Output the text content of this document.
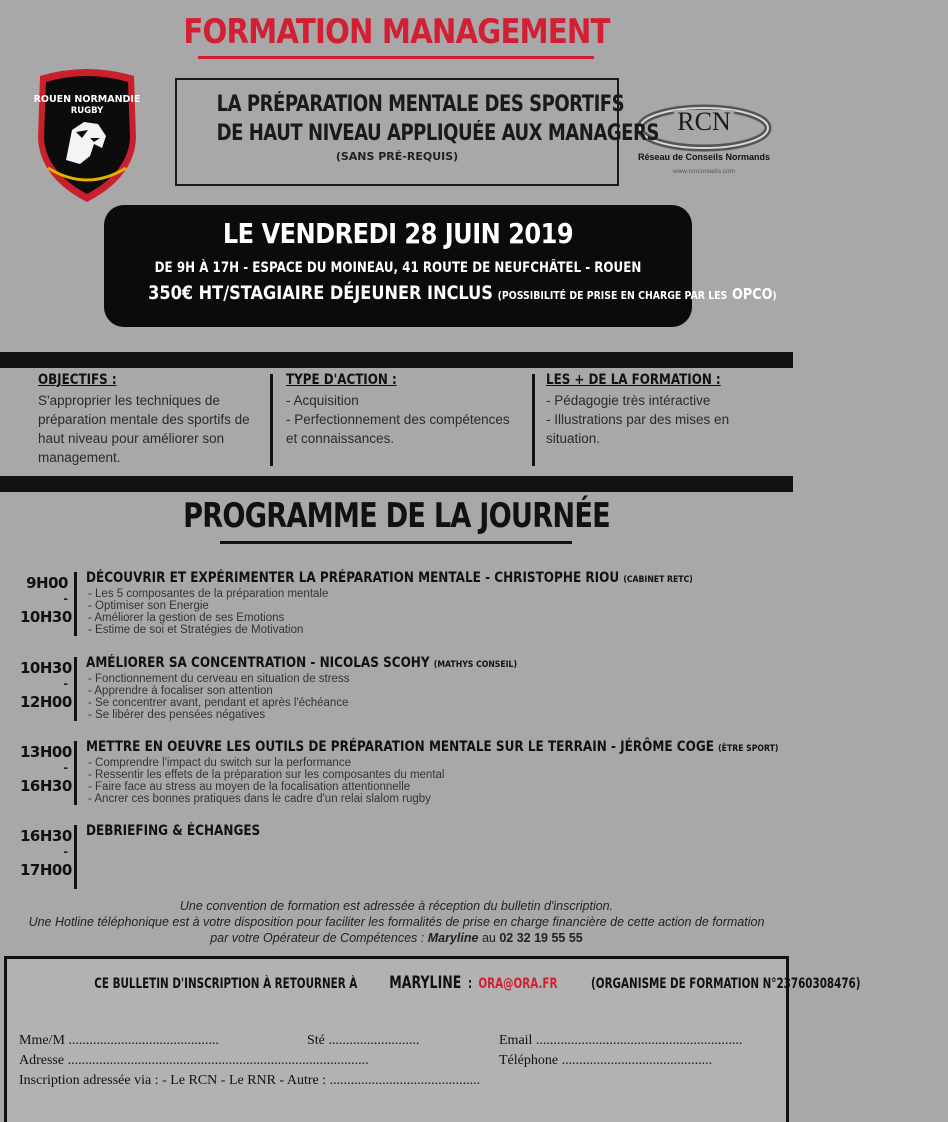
FORMATION MANAGEMENT
ROUEN NORMANDIE
RUGBY	RCN
Réseau de Conseils Normands
www.rcnconseils.com
LA PRÉPARATION MENTALE DES SPORTIFS
DE HAUT NIVEAU APPLIQUÉE AUX MANAGERS
(SANS PRÉ-REQUIS)
LE VENDREDI 28 JUIN 2019
DE 9H À 17H - ESPACE DU MOINEAU, 41 ROUTE DE NEUFCHÂTEL - ROUEN
350€ HT/STAGIAIRE DÉJEUNER INCLUS (POSSIBILITÉ DE PRISE EN CHARGE PAR LES OPCO)
OBJECTIFS :

S'approprier les techniques de préparation mentale des sportifs de haut niveau pour améliorer son management.

TYPE D'ACTION :

- Acquisition

- Perfectionnement des compétences et connaissances.

LES + DE LA FORMATION :

- Pédagogie très intéractive

- Illustrations par des mises en situation.

PROGRAMME DE LA JOURNÉE
9H00
-
10H30
DÉCOUVRIR ET EXPÉRIMENTER LA PRÉPARATION MENTALE - CHRISTOPHE RIOU (CABINET RETC)
- Les 5 composantes de la préparation mentale
- Optimiser son Energie
- Améliorer la gestion de ses Emotions
- Estime de soi et Stratégies de Motivation
10H30
-
12H00
AMÉLIORER SA CONCENTRATION - NICOLAS SCOHY (MATHYS CONSEIL)
- Fonctionnement du cerveau en situation de stress
- Apprendre à focaliser son attention
- Se concentrer avant, pendant et après l'échéance
- Se libérer des pensées négatives
13H00
-
16H30
METTRE EN OEUVRE LES OUTILS DE PRÉPARATION MENTALE SUR LE TERRAIN - JÉRÔME COGE (ÊTRE SPORT)
- Comprendre l'impact du switch sur la performance
- Ressentir les effets de la préparation sur les composantes du mental
- Faire face au stress au moyen de la focalisation attentionnelle
- Ancrer ces bonnes pratiques dans le cadre d'un relai slalom rugby
16H30
-
17H00
DEBRIEFING & ÉCHANGES
Une convention de formation est adressée à réception du bulletin d'inscription.
Une Hotline téléphonique est à votre disposition pour faciliter les formalités de prise en charge financière de cette action de formation
par votre Opérateur de Compétences : Maryline au 02 32 19 55 55
CE BULLETIN D'INSCRIPTION À RETOURNER À MARYLINE:ORA@ORA.FR (ORGANISME DE FORMATION N°23760308476)
Mme/M ...........................................	Sté ..........................	Email ...........................................................
Adresse ......................................................................................	Téléphone ...........................................
Inscription adressée via : - Le RCN - Le RNR - Autre : ...........................................
